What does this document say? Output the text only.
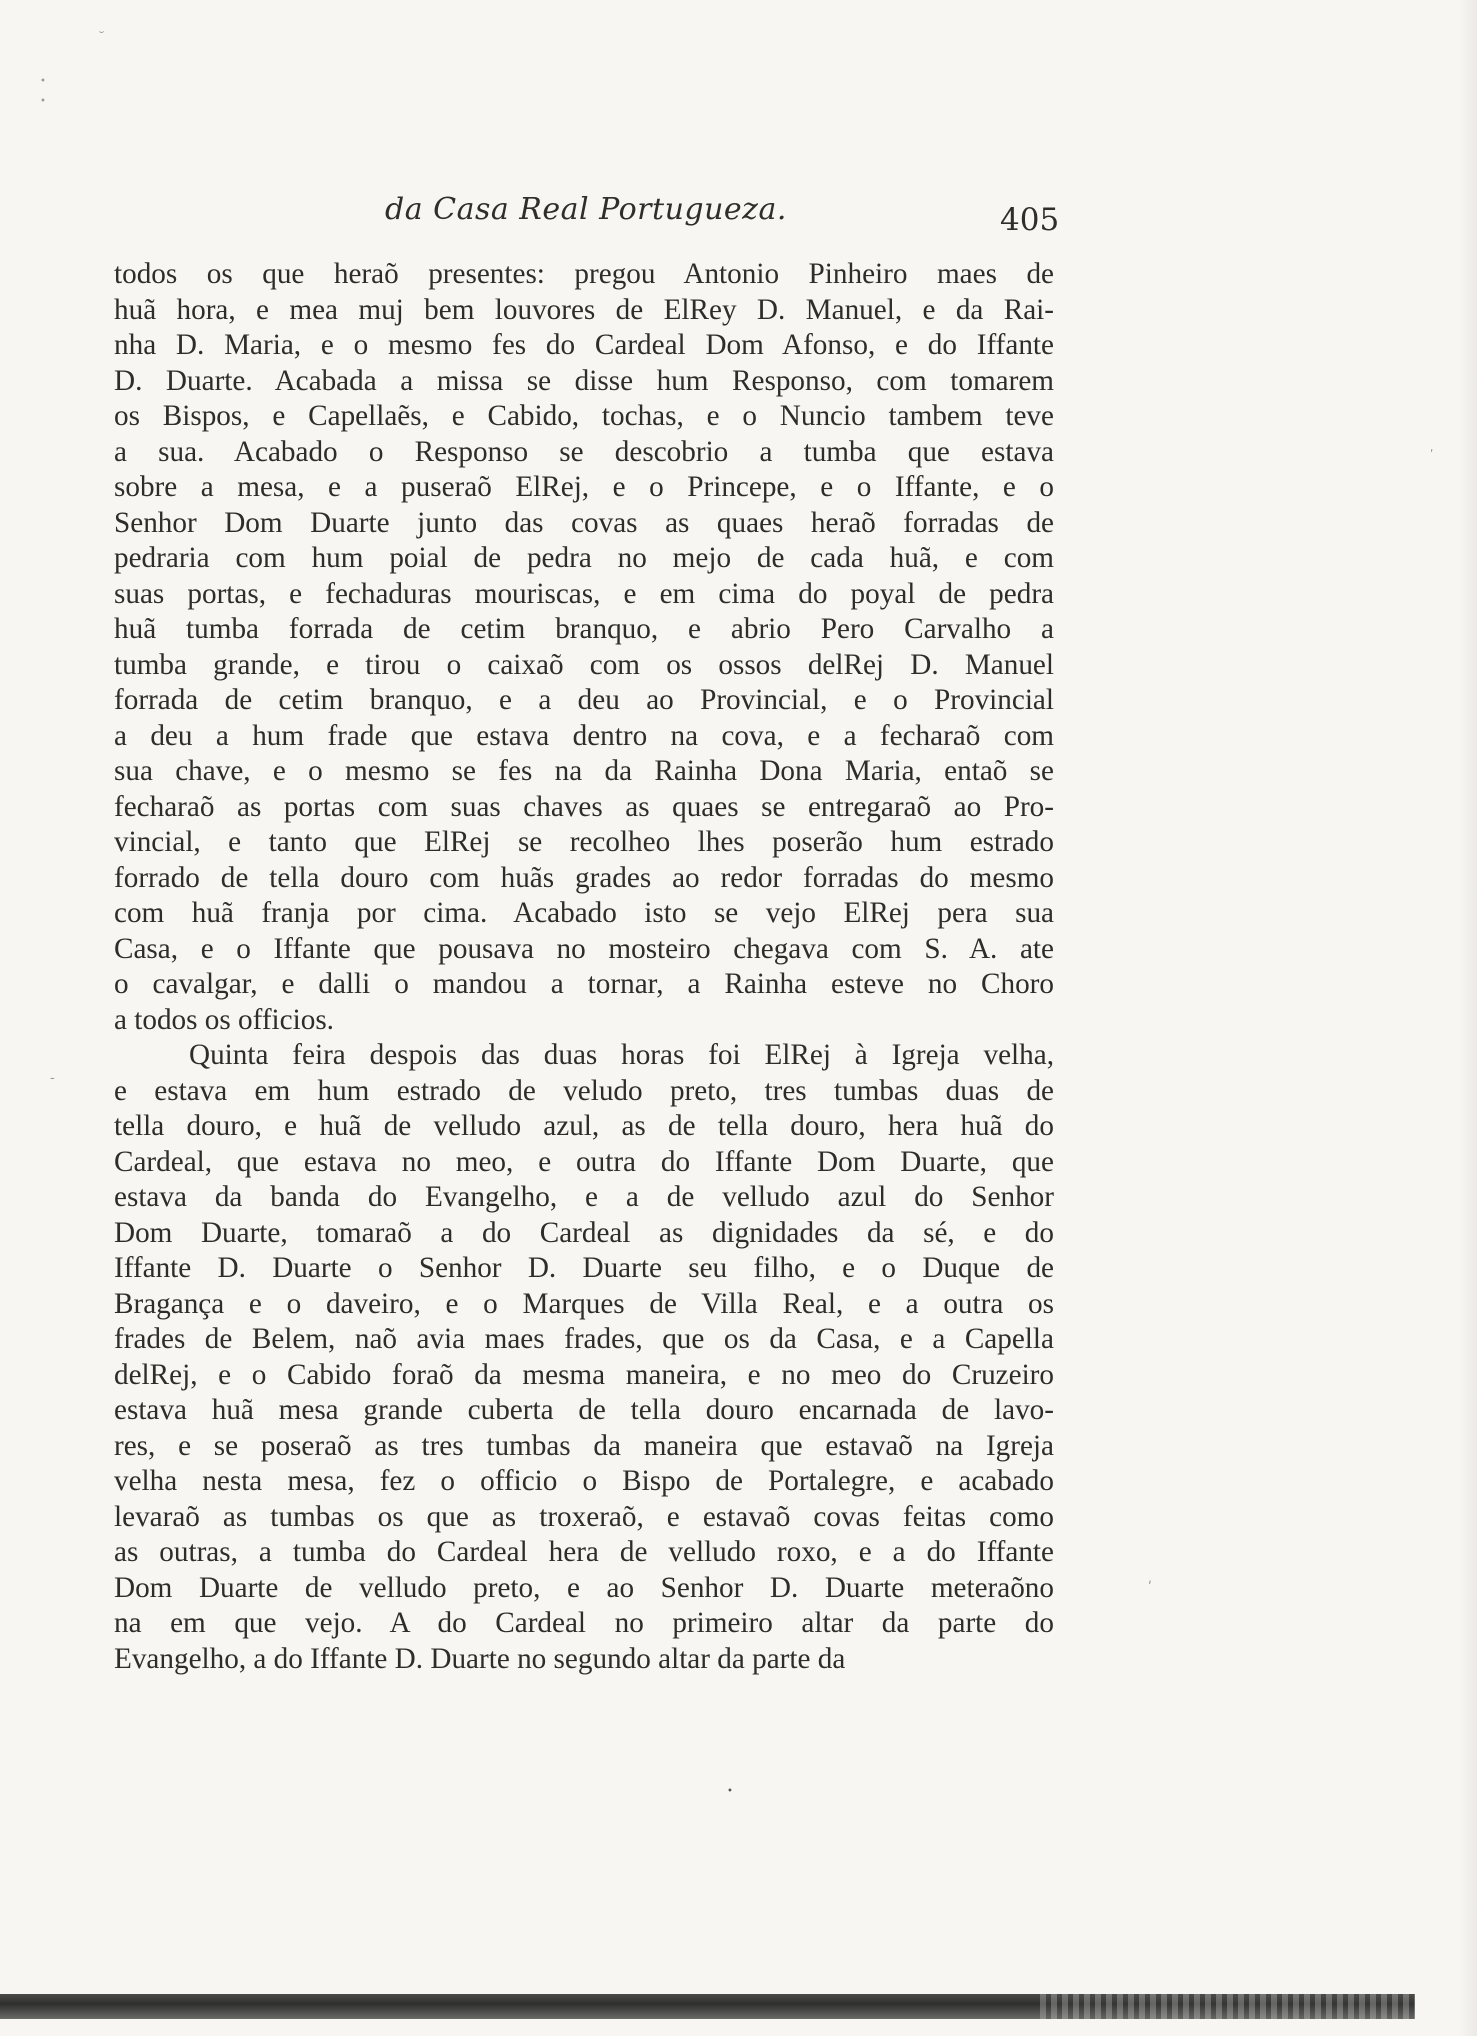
˘
•
•
-
ʹ
ʹ
•
da Casa Real Portugueza.	405
todos os que heraõ presentes: pregou Antonio Pinheiro maes de
huã hora, e mea muj bem louvores de ElRey D. Manuel, e da Rai-
nha D. Maria, e o mesmo fes do Cardeal Dom Afonso, e do Iffante
D. Duarte. Acabada a missa se disse hum Responso, com tomarem
os Bispos, e Capellaẽs, e Cabido, tochas, e o Nuncio tambem teve
a sua. Acabado o Responso se descobrio a tumba que estava
sobre a mesa, e a puseraõ ElRej, e o Princepe, e o Iffante, e o
Senhor Dom Duarte junto das covas as quaes heraõ forradas de
pedraria com hum poial de pedra no mejo de cada huã, e com
suas portas, e fechaduras mouriscas, e em cima do poyal de pedra
huã tumba forrada de cetim branquo, e abrio Pero Carvalho a
tumba grande, e tirou o caixaõ com os ossos delRej D. Manuel
forrada de cetim branquo, e a deu ao Provincial, e o Provincial
a deu a hum frade que estava dentro na cova, e a fecharaõ com
sua chave, e o mesmo se fes na da Rainha Dona Maria, entaõ se
fecharaõ as portas com suas chaves as quaes se entregaraõ ao Pro-
vincial, e tanto que ElRej se recolheo lhes poserão hum estrado
forrado de tella douro com huãs grades ao redor forradas do mesmo
com huã franja por cima. Acabado isto se vejo ElRej pera sua
Casa, e o Iffante que pousava no mosteiro chegava com S. A. ate
o cavalgar, e dalli o mandou a tornar, a Rainha esteve no Choro
a todos os officios.
Quinta feira despois das duas horas foi ElRej à Igreja velha,
e estava em hum estrado de veludo preto, tres tumbas duas de
tella douro, e huã de velludo azul, as de tella douro, hera huã do
Cardeal, que estava no meo, e outra do Iffante Dom Duarte, que
estava da banda do Evangelho, e a de velludo azul do Senhor
Dom Duarte, tomaraõ a do Cardeal as dignidades da sé, e do
Iffante D. Duarte o Senhor D. Duarte seu filho, e o Duque de
Bragança e o daveiro, e o Marques de Villa Real, e a outra os
frades de Belem, naõ avia maes frades, que os da Casa, e a Capella
delRej, e o Cabido foraõ da mesma maneira, e no meo do Cruzeiro
estava huã mesa grande cuberta de tella douro encarnada de lavo-
res, e se poseraõ as tres tumbas da maneira que estavaõ na Igreja
velha nesta mesa, fez o officio o Bispo de Portalegre, e acabado
levaraõ as tumbas os que as troxeraõ, e estavaõ covas feitas como
as outras, a tumba do Cardeal hera de velludo roxo, e a do Iffante
Dom Duarte de velludo preto, e ao Senhor D. Duarte meteraõno
na em que vejo. A do Cardeal no primeiro altar da parte do
Evangelho, a do Iffante D. Duarte no segundo altar da parte da
